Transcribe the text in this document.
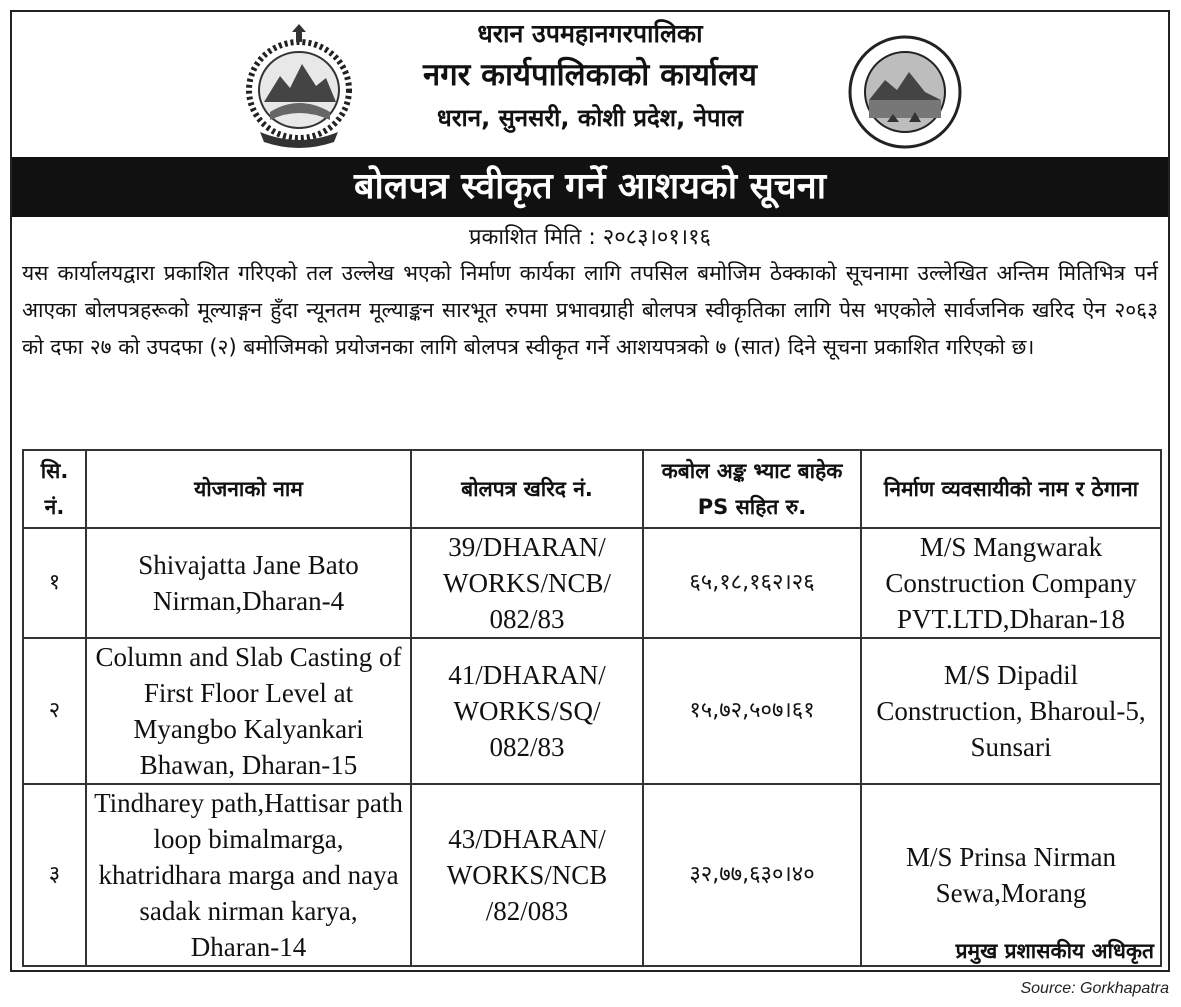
धरान उपमहानगरपालिका
नगर कार्यपालिकाको कार्यालय
धरान, सुनसरी, कोशी प्रदेश, नेपाल
बोलपत्र स्वीकृत गर्ने आशयको सूचना
प्रकाशित मिति : २०८३।०१।१६
यस कार्यालयद्वारा प्रकाशित गरिएको तल उल्लेख भएको निर्माण कार्यका लागि तपसिल बमोजिम ठेक्काको सूचनामा उल्लेखित अन्तिम मितिभित्र पर्न आएका बोलपत्रहरूको मूल्याङ्गन हुँदा न्यूनतम मूल्याङ्कन सारभूत रुपमा प्रभावग्राही बोलपत्र स्वीकृतिका लागि पेस भएकोले सार्वजनिक खरिद ऐन २०६३ को दफा २७ को उपदफा (२) बमोजिमको प्रयोजनका लागि बोलपत्र स्वीकृत गर्ने आशयपत्रको ७ (सात) दिने सूचना प्रकाशित गरिएको छ।
सि. नं.	योजनाको नाम	बोलपत्र खरिद नं.	कबोल अङ्क भ्याट बाहेक PS सहित रु.	निर्माण व्यवसायीको नाम र ठेगाना
१	Shivajatta Jane Bato Nirman,Dharan-4	39/DHARAN/ WORKS/NCB/ 082/83	६५,१८,१६२।२६	M/S Mangwarak Construction Company PVT.LTD,Dharan-18
२	Column and Slab Casting of First Floor Level at Myangbo Kalyankari Bhawan, Dharan-15	41/DHARAN/ WORKS/SQ/ 082/83	१५,७२,५०७।६१	M/S Dipadil Construction, Bharoul-5, Sunsari
३	Tindharey path,Hattisar path loop bimalmarga, khatridhara marga and naya sadak nirman karya, Dharan-14	43/DHARAN/ WORKS/NCB /82/083	३२,७७,६३०।४०	M/S Prinsa Nirman Sewa,Morang
प्रमुख प्रशासकीय अधिकृत
Source: Gorkhapatra
